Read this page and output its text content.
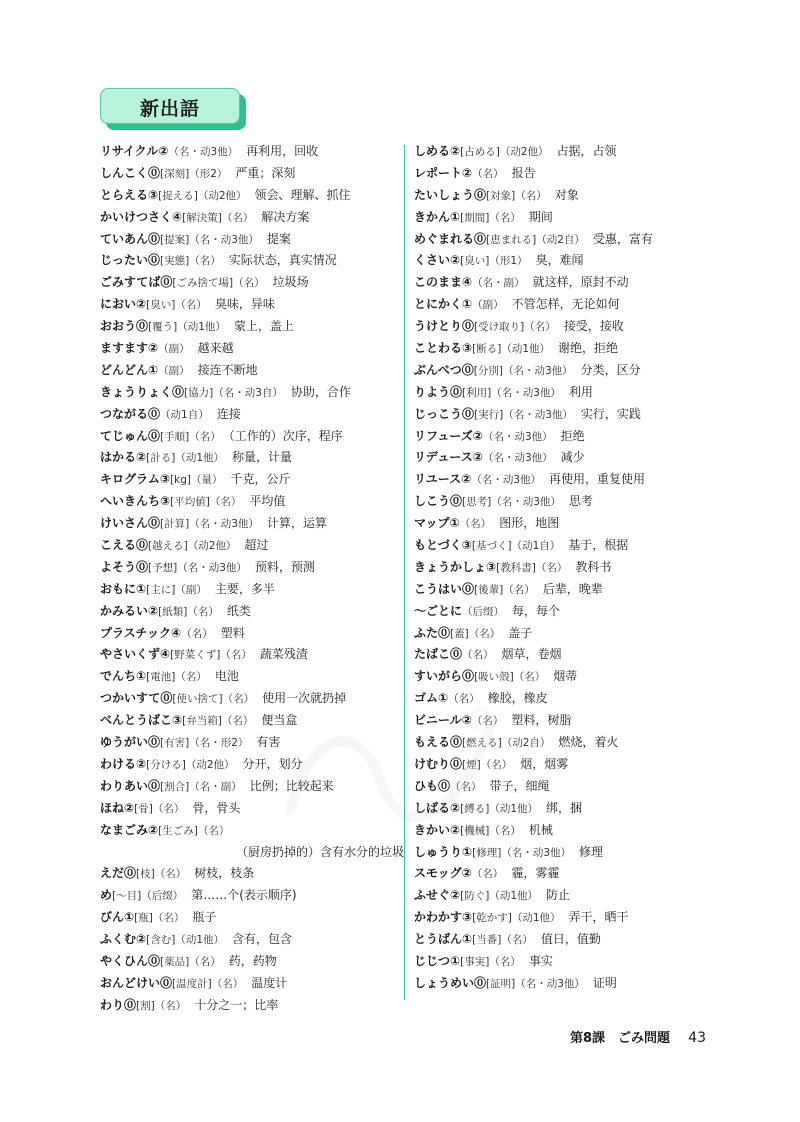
新出語
リサイクル②（名・动3他） 再利用，回收
しんこく⓪[深刻]（形2） 严重；深刻
とらえる③[捉える]（动2他） 领会、理解、抓住
かいけつさく④[解決策]（名） 解决方案
ていあん⓪[提案]（名・动3他） 提案
じったい⓪[実態]（名） 实际状态，真实情况
ごみすてば⓪[ごみ捨て場]（名） 垃圾场
におい②[臭い]（名） 臭味，异味
おおう⓪[覆う]（动1他） 蒙上，盖上
ますます②（副） 越来越
どんどん①（副） 接连不断地
きょうりょく⓪[協力]（名・动3自） 协助，合作
つながる⓪（动1自） 连接
てじゅん⓪[手順]（名） （工作的）次序，程序
はかる②[計る]（动1他） 称量，计量
キログラム③[kg]（量） 千克，公斤
へいきんち③[平均値]（名） 平均值
けいさん⓪[計算]（名・动3他） 计算，运算
こえる⓪[越える]（动2他） 超过
よそう⓪[予想]（名・动3他） 预料，预测
おもに①[主に]（副） 主要，多半
かみるい②[紙類]（名） 纸类
プラスチック④（名） 塑料
やさいくず④[野菜くず]（名） 蔬菜残渣
でんち①[電池]（名） 电池
つかいすて⓪[使い捨て]（名） 使用一次就扔掉
べんとうばこ③[弁当箱]（名） 便当盒
ゆうがい⓪[有害]（名・形2） 有害
わける②[分ける]（动2他） 分开，划分
わりあい⓪[割合]（名・副） 比例；比较起来
ほね②[骨]（名） 骨，骨头
なまごみ②[生ごみ]（名）
（厨房扔掉的）含有水分的垃圾
えだ⓪[枝]（名） 树枝，枝条
め[～目]（后缀） 第……个(表示顺序)
びん①[瓶]（名） 瓶子
ふくむ②[含む]（动1他） 含有，包含
やくひん⓪[薬品]（名） 药，药物
おんどけい⓪[温度計]（名） 温度计
わり⓪[割]（名） 十分之一；比率
しめる②[占める]（动2他） 占据，占领
レポート②（名） 报告
たいしょう⓪[対象]（名） 对象
きかん①[期間]（名） 期间
めぐまれる⓪[恵まれる]（动2自） 受惠，富有
くさい②[臭い]（形1） 臭，难闻
このまま④（名・副） 就这样，原封不动
とにかく①（副） 不管怎样，无论如何
うけとり⓪[受け取り]（名） 接受，接收
ことわる③[断る]（动1他） 谢绝，拒绝
ぶんべつ⓪[分別]（名・动3他） 分类，区分
りよう⓪[利用]（名・动3他） 利用
じっこう⓪[実行]（名・动3他） 实行，实践
リフューズ②（名・动3他） 拒绝
リデュース②（名・动3他） 减少
リユース②（名・动3他） 再使用，重复使用
しこう⓪[思考]（名・动3他） 思考
マップ①（名） 图形，地图
もとづく③[基づく]（动1自） 基于，根据
きょうかしょ③[教科書]（名） 教科书
こうはい⓪[後輩]（名） 后辈，晚辈
～ごとに（后缀） 每，每个
ふた⓪[蓋]（名） 盖子
たばこ⓪（名） 烟草，卷烟
すいがら⓪[吸い殻]（名） 烟蒂
ゴム①（名） 橡胶，橡皮
ビニール②（名） 塑料，树脂
もえる⓪[燃える]（动2自） 燃烧，着火
けむり⓪[煙]（名） 烟，烟雾
ひも⓪（名） 带子，细绳
しばる②[縛る]（动1他） 绑，捆
きかい②[機械]（名） 机械
しゅうり①[修理]（名・动3他） 修理
スモッグ②（名） 霾，雾霾
ふせぐ②[防ぐ]（动1他） 防止
かわかす③[乾かす]（动1他） 弄干，晒干
とうばん①[当番]（名） 值日，值勤
じじつ①[事実]（名） 事实
しょうめい⓪[証明]（名・动3他） 证明
第8課　ごみ問題 43
